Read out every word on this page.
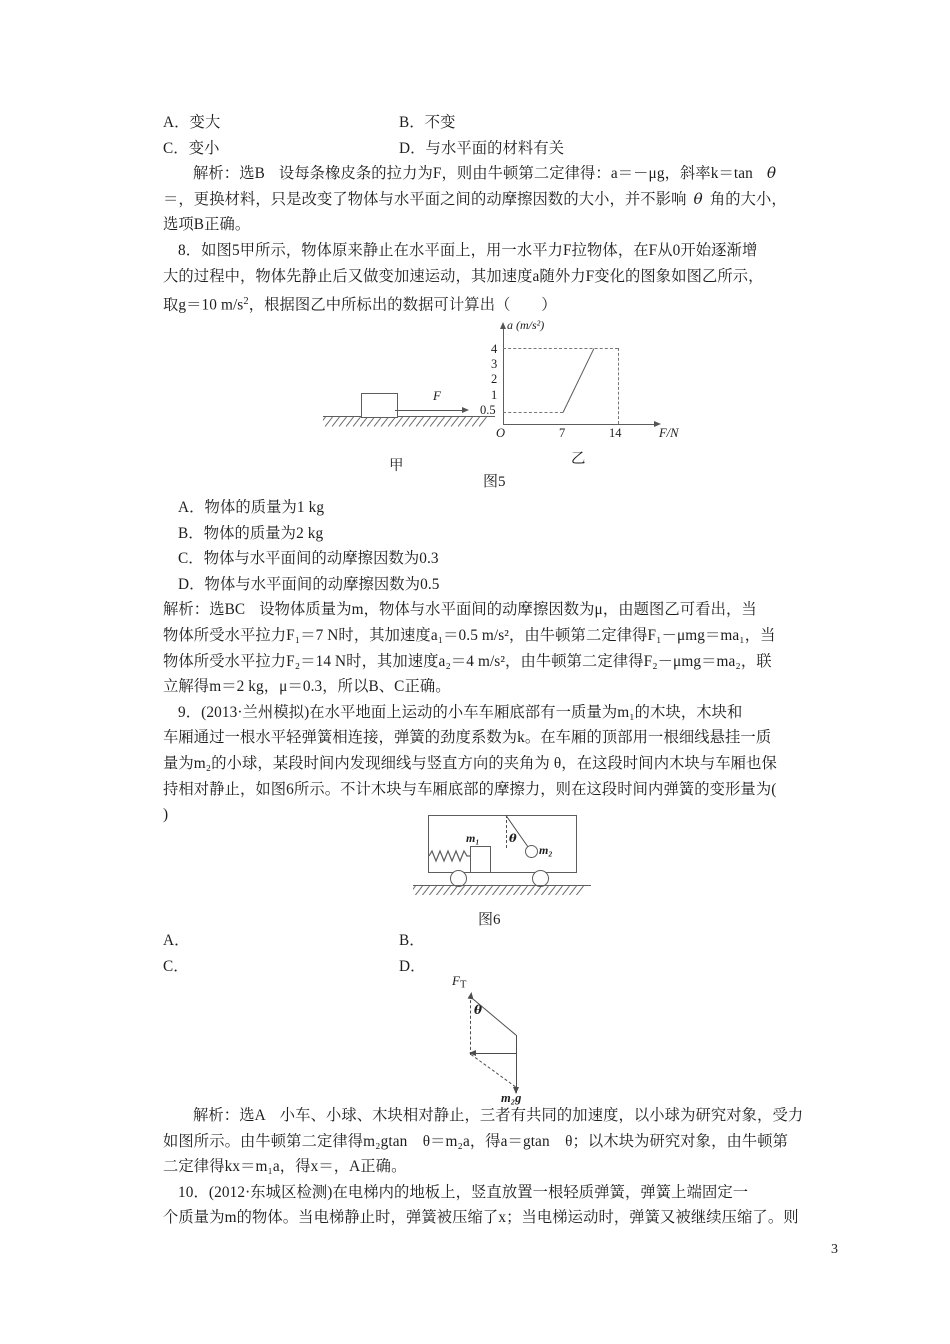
A．变大	B．不变
C．变小	D．与水平面的材料有关
解析：选B 设每条橡皮条的拉力为F，则由牛顿第二定律得：a＝－μg，斜率k＝tan θ
＝，更换材料，只是改变了物体与水平面之间的动摩擦因数的大小，并不影响 θ 角的大小，
选项B正确。
8．如图5甲所示，物体原来静止在水平面上，用一水平力F拉物体，在F从0开始逐渐增
大的过程中，物体先静止后又做变加速运动，其加速度a随外力F变化的图象如图乙所示，
取g＝10 $m/s^2$，根据图乙中所标出的数据可计算出（　　）
F
甲
a (m/s²)
F/N
O
4
3
2
1
0.5
7	14
乙
图5
A．物体的质量为1 kg
B．物体的质量为2 kg
C．物体与水平面间的动摩擦因数为0.3
D．物体与水平面间的动摩擦因数为0.5
解析：选BC 设物体质量为m，物体与水平面间的动摩擦因数为μ，由题图乙可看出，当
物体所受水平拉力F₁＝7 N时，其加速度a₁＝0.5 m/s²，由牛顿第二定律得F₁－μmg＝ma₁，当
物体所受水平拉力F₂＝14 N时，其加速度a₂＝4 m/s²，由牛顿第二定律得F₂－μmg＝ma₂，联
立解得m＝2 kg，μ＝0.3，所以B、C正确。
9．(2013·兰州模拟)在水平地面上运动的小车车厢底部有一质量为m₁的木块，木块和
车厢通过一根水平轻弹簧相连接，弹簧的劲度系数为k。在车厢的顶部用一根细线悬挂一质
量为m₂的小球，某段时间内发现细线与竖直方向的夹角为 θ，在这段时间内木块与车厢也保
持相对静止，如图6所示。不计木块与车厢底部的摩擦力，则在这段时间内弹簧的变形量为(
)
m₁	θ
m₂
图6
A．	B．
C．	D．
$F_T$
θ
m₂g
解析：选A 小车、小球、木块相对静止，三者有共同的加速度，以小球为研究对象，受力
如图所示。由牛顿第二定律得m₂gtan　θ＝m₂a，得a＝gtan　θ；以木块为研究对象，由牛顿第
二定律得kx＝m₁a，得x＝，A正确。
10．(2012·东城区检测)在电梯内的地板上，竖直放置一根轻质弹簧，弹簧上端固定一
个质量为m的物体。当电梯静止时，弹簧被压缩了x；当电梯运动时，弹簧又被继续压缩了。则
3
